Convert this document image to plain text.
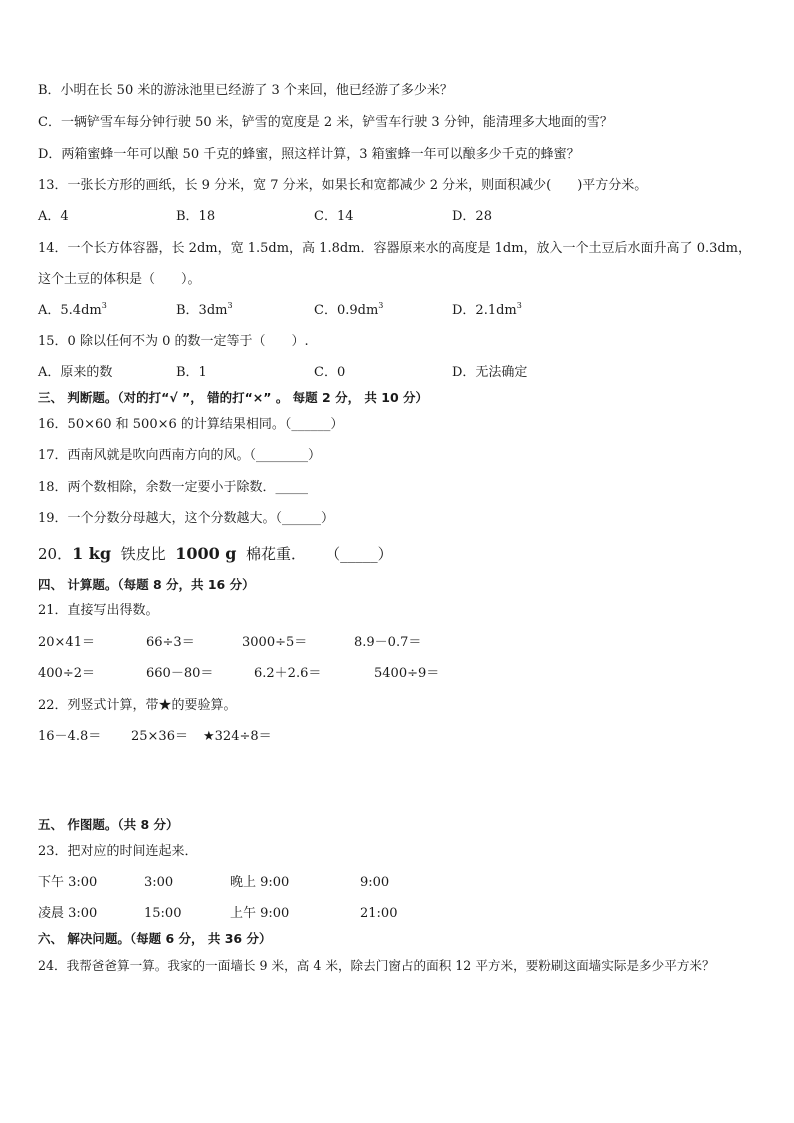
B．小明在长 50 米的游泳池里已经游了 3 个来回，他已经游了多少米？
C．一辆铲雪车每分钟行驶 50 米，铲雪的宽度是 2 米，铲雪车行驶 3 分钟，能清理多大地面的雪？
D．两箱蜜蜂一年可以酿 50 千克的蜂蜜，照这样计算，3 箱蜜蜂一年可以酿多少千克的蜂蜜？
13．一张长方形的画纸，长 9 分米，宽 7 分米，如果长和宽都减少 2 分米，则面积减少(　　)平方分米。
A．4	B．18	C．14	D．28
14．一个长方体容器，长 2dm，宽 1.5dm，高 1.8dm．容器原来水的高度是 1dm，放入一个土豆后水面升高了 0.3dm，
这个土豆的体积是（　　）。
A．$5.4dm^3$	B．$3dm^3$	C．$0.9dm^3$	D．$2.1dm^3$
15．0 除以任何不为 0 的数一定等于（　　）.
A．原来的数	B．1	C．0	D．无法确定
三、 判断题。（对的打“√ ”， 错的打“×” 。 每题 2 分， 共 10 分）
16．50×60 和 500×6 的计算结果相同。（______）
17．西南风就是吹向西南方向的风。（________）
18．两个数相除，余数一定要小于除数．_____
19．一个分数分母越大，这个分数越大。（______）
20．1 kg 铁皮比 1000 g 棉花重． （_____）
四、 计算题。（每题 8 分，共 16 分）
21．直接写出得数。
20×41＝	66÷3＝	3000÷5＝	8.9－0.7＝
400÷2＝	660－80＝	6.2＋2.6＝	5400÷9＝
22．列竖式计算，带★的要验算。
16－4.8＝ 25×36＝ ★324÷8＝
五、 作图题。（共 8 分）
23．把对应的时间连起来．
下午 3:00	3:00	晚上 9:00	9:00
凌晨 3:00	15:00	上午 9:00	21:00
六、 解决问题。（每题 6 分， 共 36 分）
24．我帮爸爸算一算。我家的一面墙长 9 米，高 4 米，除去门窗占的面积 12 平方米，要粉刷这面墙实际是多少平方米？
